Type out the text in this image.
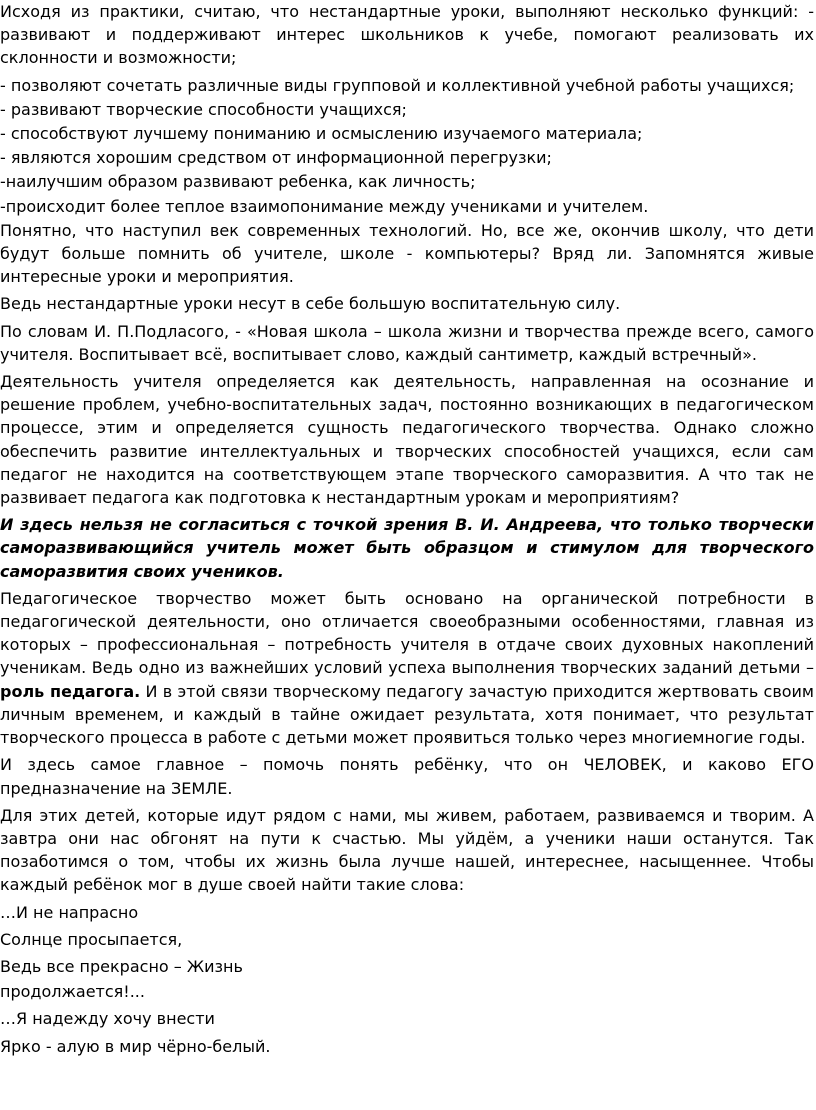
Исходя из практики, считаю, что нестандартные уроки, выполняют несколько функций: - развивают и поддерживают интерес школьников к учебе, помогают реализовать их склонности и возможности;

- позволяют сочетать различные виды групповой и коллективной учебной работы учащихся;

- развивают творческие способности учащихся;

- способствуют лучшему пониманию и осмыслению изучаемого материала;

- являются хорошим средством от информационной перегрузки;

-наилучшим образом развивают ребенка, как личность;

-происходит более теплое взаимопонимание между учениками и учителем.

Понятно, что наступил век современных технологий. Но, все же, окончив школу, что дети будут больше помнить об учителе, школе - компьютеры? Вряд ли. Запомнятся живые интересные уроки и мероприятия.

Ведь нестандартные уроки несут в себе большую воспитательную силу.

По словам И. П.Подласого, - «Новая школа – школа жизни и творчества прежде всего, самого учителя. Воспитывает всё, воспитывает слово, каждый сантиметр, каждый встречный».

Деятельность учителя определяется как деятельность, направленная на осознание и решение проблем, учебно-воспитательных задач, постоянно возникающих в педагогическом процессе, этим и определяется сущность педагогического творчества. Однако сложно обеспечить развитие интеллектуальных и творческих способностей учащихся, если сам педагог не находится на соответствующем этапе творческого саморазвития. А что так не развивает педагога как подготовка к нестандартным урокам и мероприятиям?

И здесь нельзя не согласиться с точкой зрения В. И. Андреева, что только творчески саморазвивающийся учитель может быть образцом и стимулом для творческого саморазвития своих учеников.

Педагогическое творчество может быть основано на органической потребности в педагогической деятельности, оно отличается своеобразными особенностями, главная из которых – профессиональная – потребность учителя в отдаче своих духовных накоплений ученикам. Ведь одно из важнейших условий успеха выполнения творческих заданий детьми – роль педагога. И в этой связи творческому педагогу зачастую приходится жертвовать своим личным временем, и каждый в тайне ожидает результата, хотя понимает, что результат творческого процесса в работе с детьми может проявиться только через многиемногие годы.

И здесь самое главное – помочь понять ребёнку, что он ЧЕЛОВЕК, и каково ЕГО предназначение на ЗЕМЛЕ.

Для этих детей, которые идут рядом с нами, мы живем, работаем, развиваемся и творим. А завтра они нас обгонят на пути к счастью. Мы уйдём, а ученики наши останутся. Так позаботимся о том, чтобы их жизнь была лучше нашей, интереснее, насыщеннее. Чтобы каждый ребёнок мог в душе своей найти такие слова:

…И не напрасно

Солнце просыпается,

Ведь все прекрасно – Жизнь

продолжается!...

…Я надежду хочу внести

Ярко - алую в мир чёрно-белый.
